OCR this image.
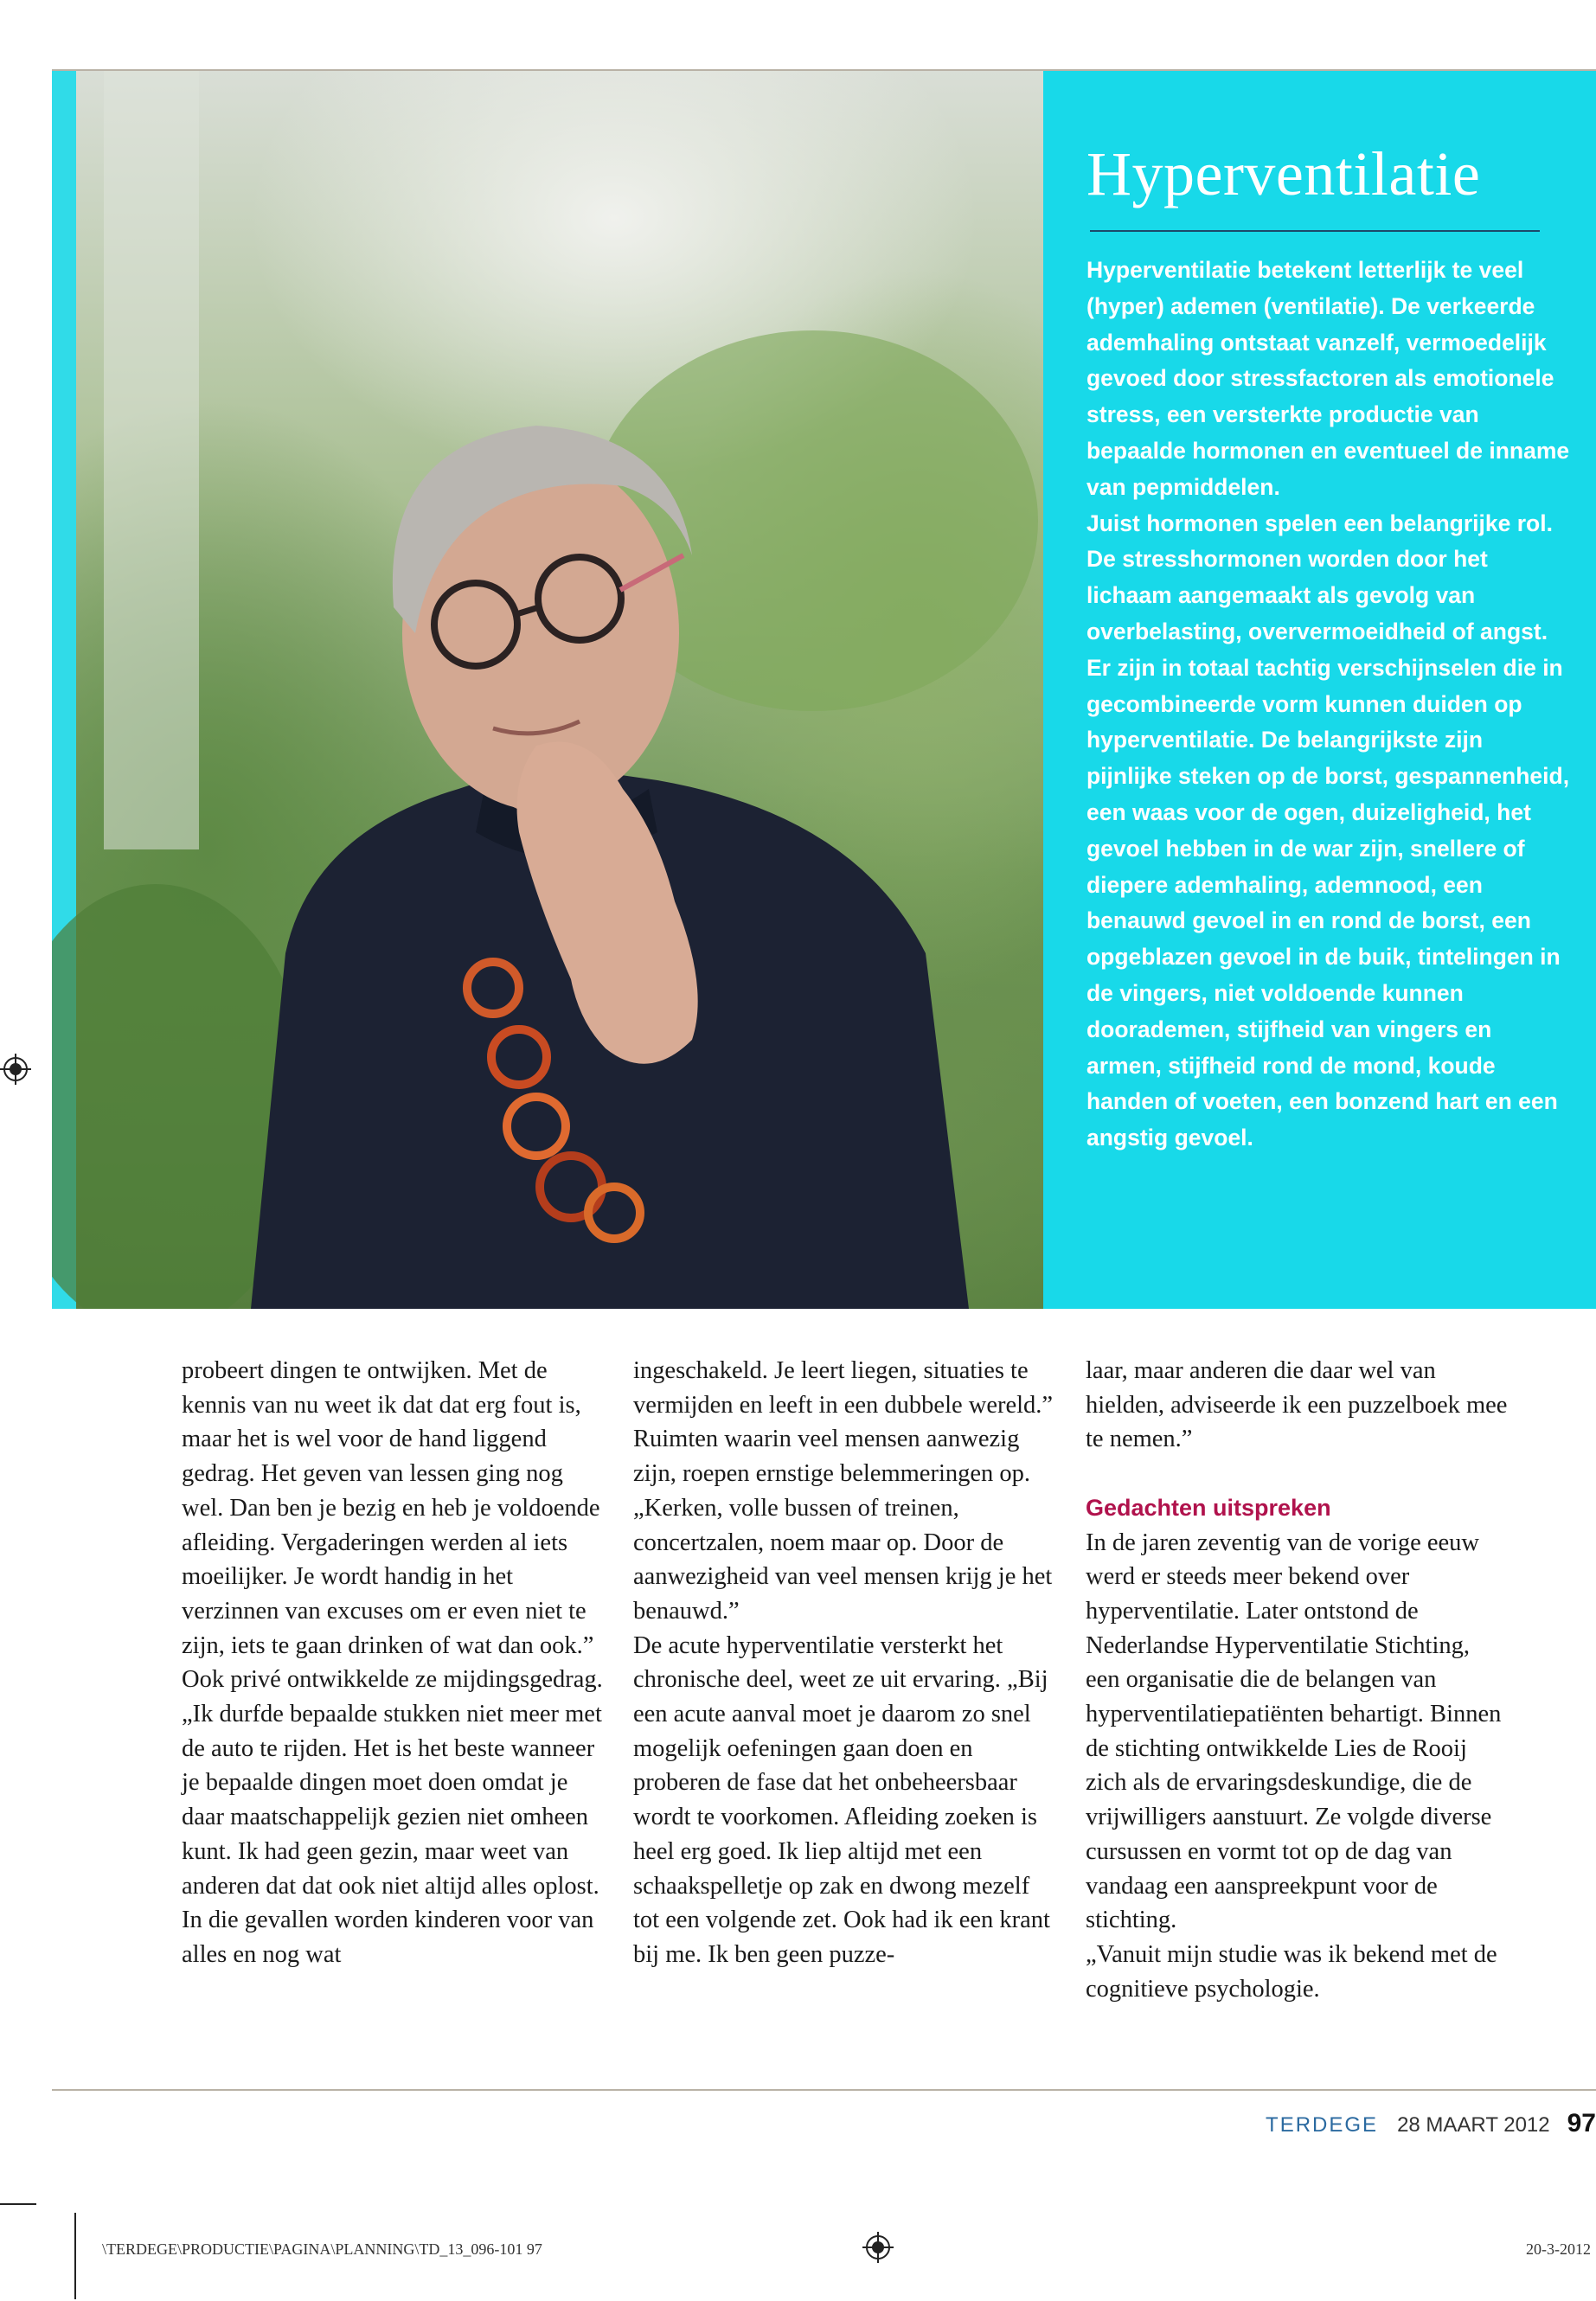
Hyperventilatie

Hyperventilatie betekent letterlijk te veel (hyper) ademen (ventilatie). De verkeerde ademhaling ontstaat vanzelf, vermoedelijk gevoed door stressfactoren als emotionele stress, een versterkte productie van bepaalde hormonen en eventueel de inname van pepmiddelen.

Juist hormonen spelen een belangrijke rol. De stresshormonen worden door het lichaam aangemaakt als gevolg van overbelasting, oververmoeidheid of angst.

Er zijn in totaal tachtig verschijnselen die in gecombineerde vorm kunnen duiden op hyperventilatie. De belangrijkste zijn pijnlijke steken op de borst, gespannenheid, een waas voor de ogen, duizeligheid, het gevoel hebben in de war zijn, snellere of diepere ademhaling, ademnood, een benauwd gevoel in en rond de borst, een opgeblazen gevoel in de buik, tintelingen in de vingers, niet voldoende kunnen doorademen, stijfheid van vingers en armen, stijfheid rond de mond, koude handen of voeten, een bonzend hart en een angstig gevoel.

probeert dingen te ontwijken. Met de kennis van nu weet ik dat dat erg fout is, maar het is wel voor de hand liggend gedrag. Het geven van lessen ging nog wel. Dan ben je bezig en heb je voldoende afleiding. Vergaderingen werden al iets moeilijker. Je wordt handig in het verzinnen van excuses om er even niet te zijn, iets te gaan drinken of wat dan ook.”

Ook privé ontwikkelde ze mijdingsgedrag. „Ik durfde bepaalde stukken niet meer met de auto te rijden. Het is het beste wanneer je bepaalde dingen moet doen omdat je daar maatschappelijk gezien niet omheen kunt. Ik had geen gezin, maar weet van anderen dat dat ook niet altijd alles oplost. In die gevallen worden kinderen voor van alles en nog wat

ingeschakeld. Je leert liegen, situaties te vermijden en leeft in een dubbele wereld.”

Ruimten waarin veel mensen aanwezig zijn, roepen ernstige belemmeringen op. „Kerken, volle bussen of treinen, concertzalen, noem maar op. Door de aanwezigheid van veel mensen krijg je het benauwd.”

De acute hyperventilatie versterkt het chronische deel, weet ze uit ervaring. „Bij een acute aanval moet je daarom zo snel mogelijk oefeningen gaan doen en proberen de fase dat het onbeheersbaar wordt te voorkomen. Afleiding zoeken is heel erg goed. Ik liep altijd met een schaakspelletje op zak en dwong mezelf tot een volgende zet. Ook had ik een krant bij me. Ik ben geen puzze-

laar, maar anderen die daar wel van hielden, adviseerde ik een puzzelboek mee te nemen.”

Gedachten uitspreken

In de jaren zeventig van de vorige eeuw werd er steeds meer bekend over hyperventilatie. Later ontstond de Nederlandse Hyperventilatie Stichting, een organisatie die de belangen van hyperventilatiepatiënten behartigt. Binnen de stichting ontwikkelde Lies de Rooij zich als de ervaringsdeskundige, die de vrijwilligers aanstuurt. Ze volgde diverse cursussen en vormt tot op de dag van vandaag een aanspreekpunt voor de stichting.

„Vanuit mijn studie was ik bekend met de cognitieve psychologie.

TERDEGE 28 MAART 2012 97
\TERDEGE\PRODUCTIE\PAGINA\PLANNING\TD_13_096-101 97	20-3-2012
